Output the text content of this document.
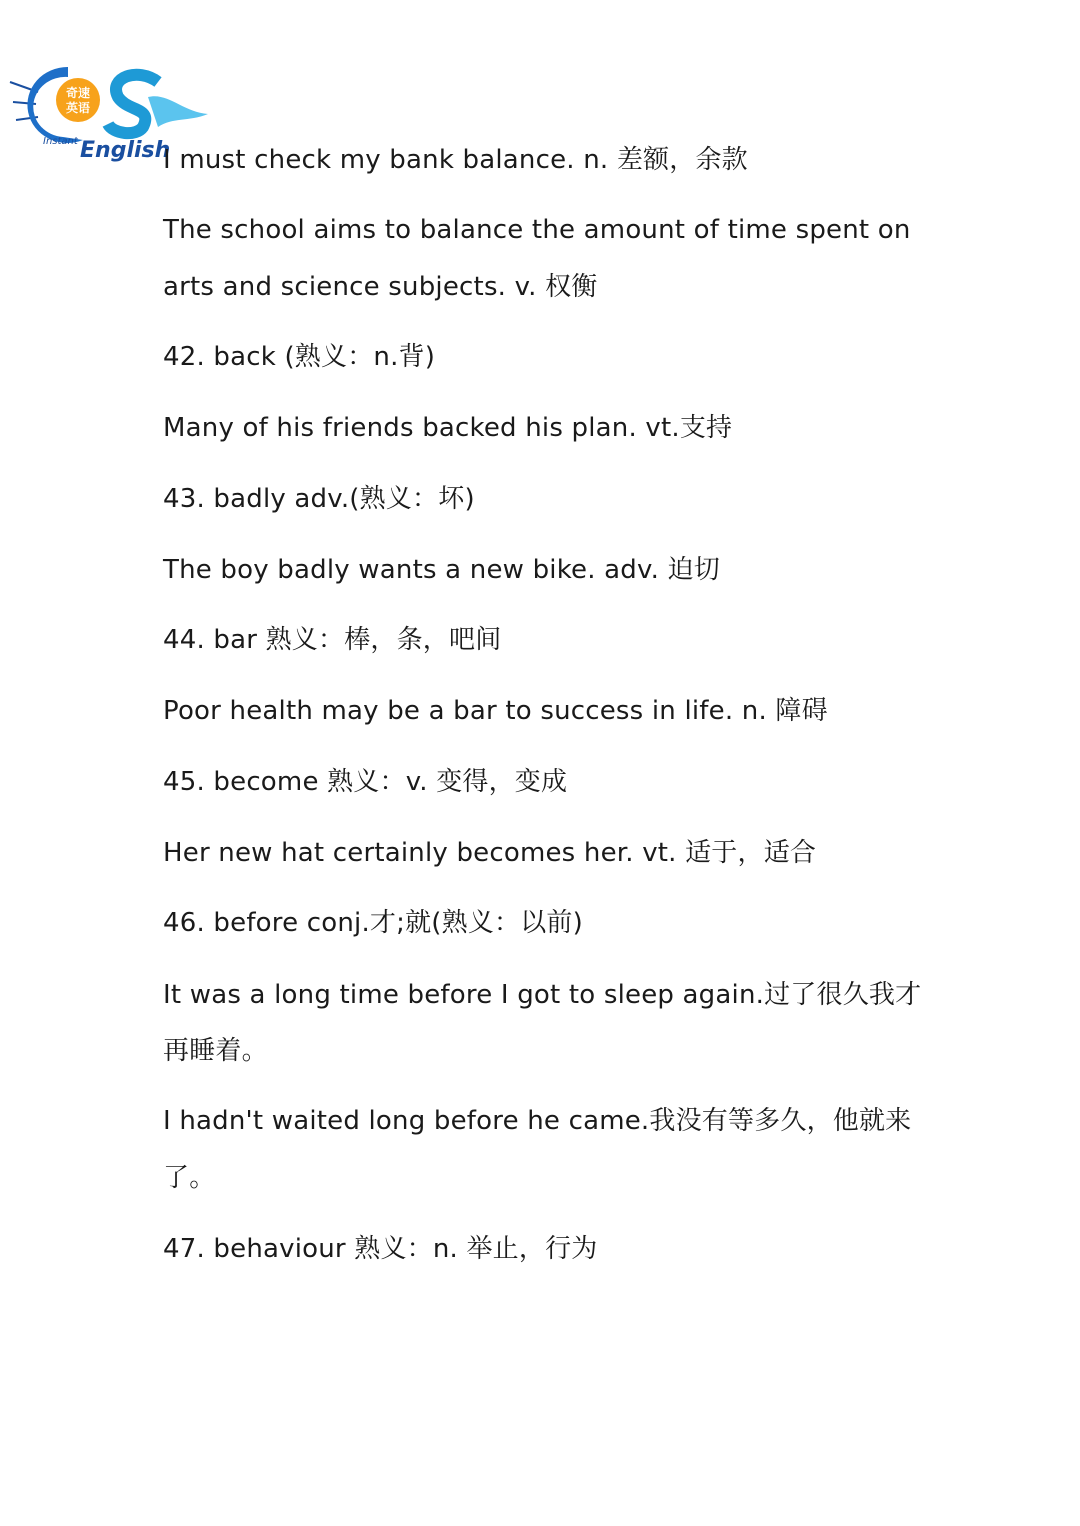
奇速
英语
Instant English
I must check my bank balance. n. 差额，余款
The school aims to balance the amount of time spent on
arts and science subjects. v. 权衡
42. back (熟义：n.背)
Many of his friends backed his plan. vt.支持
43. badly adv.(熟义：坏)
The boy badly wants a new bike. adv. 迫切
44. bar 熟义：棒，条，吧间
Poor health may be a bar to success in life. n. 障碍
45. become 熟义：v. 变得，变成
Her new hat certainly becomes her. vt. 适于，适合
46. before conj.才;就(熟义：以前)
It was a long time before I got to sleep again.过了很久我才
再睡着。
I hadn't waited long before he came.我没有等多久，他就来
了。
47. behaviour 熟义：n. 举止，行为
